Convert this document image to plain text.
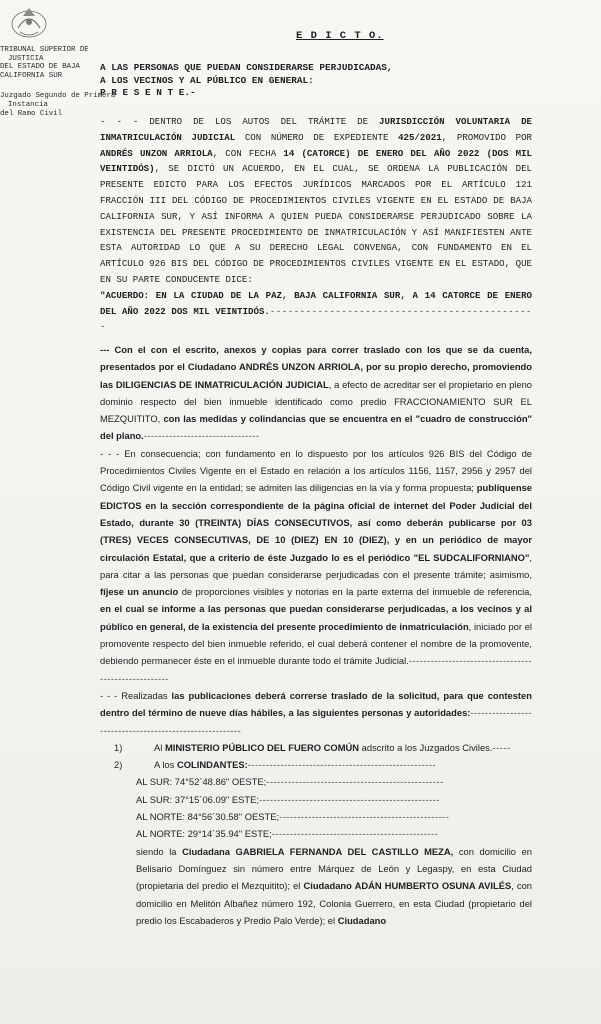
TRIBUNAL SUPERIOR DE
JUSTICIA
DEL ESTADO DE BAJA
CALIFORNIA SUR
Juzgado Segundo de Primera
Instancia
del Ramo Civil
E D I C T O.
A LAS PERSONAS QUE PUEDAN CONSIDERARSE PERJUDICADAS,
A LOS VECINOS Y AL PÚBLICO EN GENERAL:
P R E S E N T E.-

- - - DENTRO DE LOS AUTOS DEL TRÁMITE DE JURISDICCIÓN VOLUNTARIA DE INMATRICULACIÓN JUDICIAL CON NÚMERO DE EXPEDIENTE 425/2021, PROMOVIDO POR ANDRÉS UNZON ARRIOLA, CON FECHA 14 (CATORCE) DE ENERO DEL AÑO 2022 (DOS MIL VEINTIDÓS), SE DICTÓ UN ACUERDO, EN EL CUAL, SE ORDENA LA PUBLICACIÓN DEL PRESENTE EDICTO PARA LOS EFECTOS JURÍDICOS MARCADOS POR EL ARTÍCULO 121 FRACCIÓN III DEL CÓDIGO DE PROCEDIMIENTOS CIVILES VIGENTE EN EL ESTADO DE BAJA CALIFORNIA SUR, Y ASÍ INFORMA A QUIEN PUEDA CONSIDERARSE PERJUDICADO SOBRE LA EXISTENCIA DEL PRESENTE PROCEDIMIENTO DE INMATRICULACIÓN Y ASÍ MANIFIESTEN ANTE ESTA AUTORIDAD LO QUE A SU DERECHO LEGAL CONVENGA, CON FUNDAMENTO EN EL ARTÍCULO 926 BIS DEL CÓDIGO DE PROCEDIMIENTOS CIVILES VIGENTE EN EL ESTADO, QUE EN SU PARTE CONDUCENTE DICE:

"ACUERDO: EN LA CIUDAD DE LA PAZ, BAJA CALIFORNIA SUR, A 14 CATORCE DE ENERO DEL AÑO 2022 DOS MIL VEINTIDÓS.---------------------------------------------

--- Con el con el escrito, anexos y copias para correr traslado con los que se da cuenta, presentados por el Ciudadano ANDRÉS UNZON ARRIOLA, por su propio derecho, promoviendo las DILIGENCIAS DE INMATRICULACIÓN JUDICIAL, a efecto de acreditar ser el propietario en pleno dominio respecto del bien inmueble identificado como predio FRACCIONAMIENTO SUR EL MEZQUITITO, con las medidas y colindancias que se encuentra en el "cuadro de construcción" del plano.--------------------------------

- - - En consecuencia; con fundamento en lo dispuesto por los artículos 926 BIS del Código de Procedimientos Civiles Vigente en el Estado en relación a los artículos 1156, 1157, 2956 y 2957 del Código Civil vigente en la entidad; se admiten las diligencias en la vía y forma propuesta; publíquense EDICTOS en la sección correspondiente de la página oficial de internet del Poder Judicial del Estado, durante 30 (TREINTA) DÍAS CONSECUTIVOS, así como deberán publicarse por 03 (TRES) VECES CONSECUTIVAS, DE 10 (DIEZ) EN 10 (DIEZ), y en un periódico de mayor circulación Estatal, que a criterio de éste Juzgado lo es el periódico "EL SUDCALIFORNIANO", para citar a las personas que puedan considerarse perjudicadas con el presente trámite; asimismo, fíjese un anuncio de proporciones visibles y notorias en la parte externa del inmueble de referencia, en el cual se informe a las personas que puedan considerarse perjudicadas, a los vecinos y al público en general, de la existencia del presente procedimiento de inmatriculación, iniciado por el promovente respecto del bien inmueble referido, el cual deberá contener el nombre de la promovente, debiendo permanecer éste en el inmueble durante todo el trámite Judicial.-----------------------------------------------------

- - - Realizadas las publicaciones deberá correrse traslado de la solicitud, para que contesten dentro del término de nueve días hábiles, a las siguientes personas y autoridades:--------------------------------------------------------

1)	Al MINISTERIO PÚBLICO DEL FUERO COMÚN adscrito a los Juzgados Civiles.-----
2)	A los COLINDANTES:----------------------------------------------------
AL SUR: 74°52´48.86" OESTE;-------------------------------------------------
AL SUR: 37°15´06.09" ESTE;--------------------------------------------------
AL NORTE: 84°56´30.58" OESTE;-----------------------------------------------
AL NORTE: 29°14´35.94" ESTE;----------------------------------------------

siendo la Ciudadana GABRIELA FERNANDA DEL CASTILLO MEZA, con domicilio en Belisario Domínguez sin número entre Márquez de León y Legaspy, en esta Ciudad (propietaria del predio el Mezquitito); el Ciudadano ADÁN HUMBERTO OSUNA AVILÉS, con domicilio en Melitón Albañez número 192, Colonia Guerrero, en esta Ciudad (propietario del predio los Escabaderos y Predio Palo Verde); el Ciudadano
